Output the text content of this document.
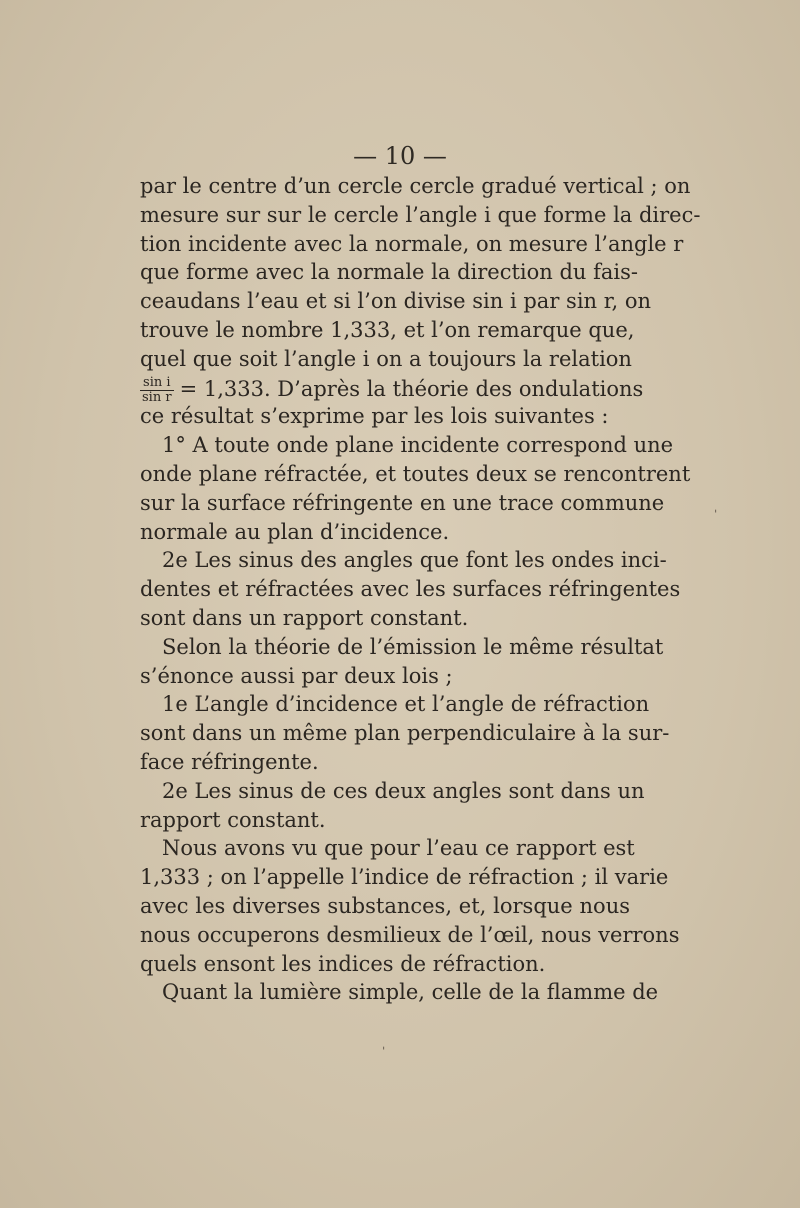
— 10 —
par le centre d’un cercle cercle gradué vertical ; on
mesure sur sur le cercle l’angle i que forme la direc-
tion incidente avec la normale, on mesure l’angle r
que forme avec la normale la direction du fais-
ceaudans l’eau et si l’on divise sin i par sin r, on
trouve le nombre 1,333, et l’on remarque que,
quel que soit l’angle i on a toujours la relation
$\frac{\text{sin i}}{\text{sin r}} = 1,333$. D’après la théorie des ondulations
ce résultat s’exprime par les lois suivantes :
1° A toute onde plane incidente correspond une
onde plane réfractée, et toutes deux se rencontrent
sur la surface réfringente en une trace commune
normale au plan d’incidence.
2e Les sinus des angles que font les ondes inci-
dentes et réfractées avec les surfaces réfringentes
sont dans un rapport constant.
Selon la théorie de l’émission le même résultat
s’énonce aussi par deux lois ;
1e L’angle d’incidence et l’angle de réfraction
sont dans un même plan perpendiculaire à la sur-
face réfringente.
2e Les sinus de ces deux angles sont dans un
rapport constant.
Nous avons vu que pour l’eau ce rapport est
1,333 ; on l’appelle l’indice de réfraction ; il varie
avec les diverses substances, et, lorsque nous
nous occuperons desmilieux de l’œil, nous verrons
quels ensont les indices de réfraction.
Quant la lumière simple, celle de la flamme de
ˌ
ˈ
